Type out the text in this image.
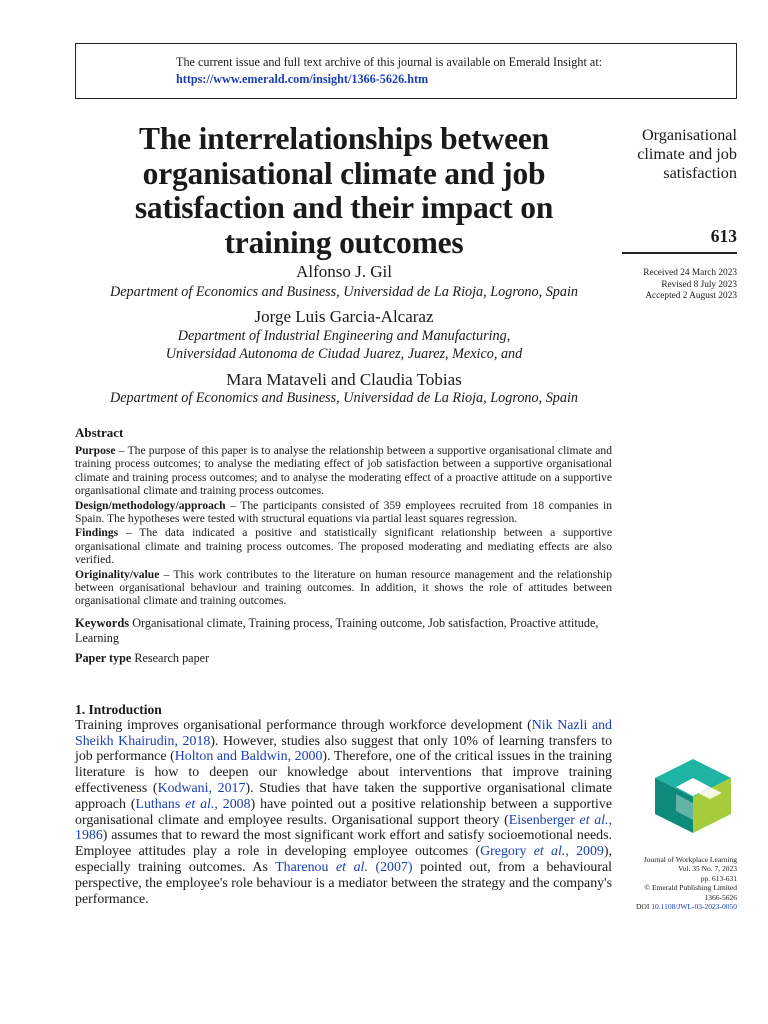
The current issue and full text archive of this journal is available on Emerald Insight at:
https://www.emerald.com/insight/1366-5626.htm
The interrelationships between organisational climate and job satisfaction and their impact on training outcomes
Alfonso J. Gil
Department of Economics and Business, Universidad de La Rioja, Logrono, Spain
Jorge Luis Garcia-Alcaraz
Department of Industrial Engineering and Manufacturing,
Universidad Autonoma de Ciudad Juarez, Juarez, Mexico, and
Mara Mataveli and Claudia Tobias
Department of Economics and Business, Universidad de La Rioja, Logrono, Spain
Organisational climate and job satisfaction
613
Received 24 March 2023
Revised 8 July 2023
Accepted 2 August 2023
Abstract

Purpose – The purpose of this paper is to analyse the relationship between a supportive organisational climate and training process outcomes; to analyse the mediating effect of job satisfaction between a supportive organisational climate and training process outcomes; and to analyse the moderating effect of a proactive attitude on a supportive organisational climate and training process outcomes.

Design/methodology/approach – The participants consisted of 359 employees recruited from 18 companies in Spain. The hypotheses were tested with structural equations via partial least squares regression.

Findings – The data indicated a positive and statistically significant relationship between a supportive organisational climate and training process outcomes. The proposed moderating and mediating effects are also verified.

Originality/value – This work contributes to the literature on human resource management and the relationship between organisational behaviour and training outcomes. In addition, it shows the role of attitudes between organisational climate and training outcomes.

Keywords Organisational climate, Training process, Training outcome, Job satisfaction, Proactive attitude, Learning
Paper type Research paper
1. Introduction

Training improves organisational performance through workforce development (Nik Nazli and Sheikh Khairudin, 2018). However, studies also suggest that only 10% of learning transfers to job performance (Holton and Baldwin, 2000). Therefore, one of the critical issues in the training literature is how to deepen our knowledge about interventions that improve training effectiveness (Kodwani, 2017). Studies that have taken the supportive organisational climate approach (Luthans et al., 2008) have pointed out a positive relationship between a supportive organisational climate and employee results. Organisational support theory (Eisenberger et al., 1986) assumes that to reward the most significant work effort and satisfy socioemotional needs. Employee attitudes play a role in developing employee outcomes (Gregory et al., 2009), especially training outcomes. As Tharenou et al. (2007) pointed out, from a behavioural perspective, the employee's role behaviour is a mediator between the strategy and the company's performance.

Journal of Workplace Learning
Vol. 35 No. 7, 2023
pp. 613-631
© Emerald Publishing Limited
1366-5626
DOI 10.1108/JWL-03-2023-0050
